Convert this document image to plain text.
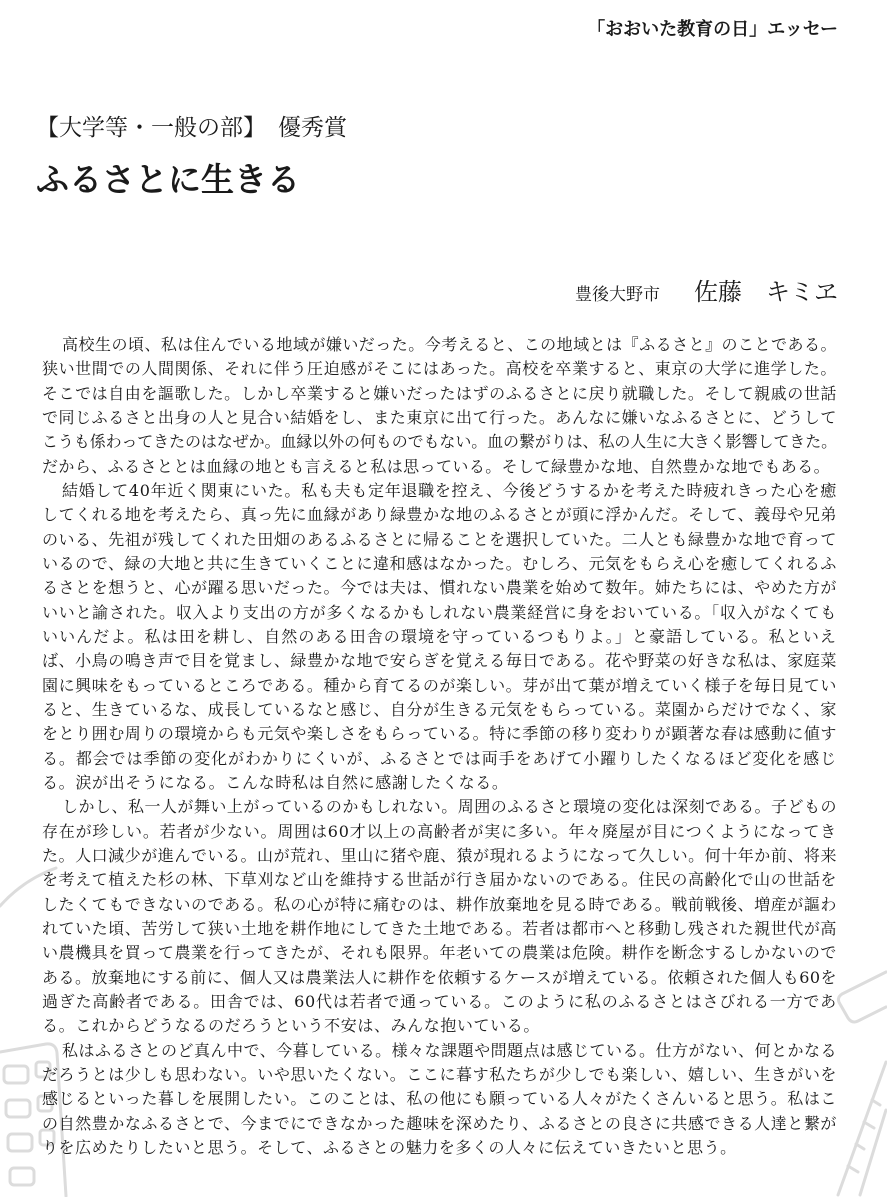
「おおいた教育の日」エッセー
【大学等・一般の部】 優秀賞
ふるさとに生きる
豊後大野市 佐藤　キミヱ
高校生の頃、私は住んでいる地域が嫌いだった。今考えると、この地域とは『ふるさと』のことである。
狭い世間での人間関係、それに伴う圧迫感がそこにはあった。高校を卒業すると、東京の大学に進学した。
そこでは自由を謳歌した。しかし卒業すると嫌いだったはずのふるさとに戻り就職した。そして親戚の世話
で同じふるさと出身の人と見合い結婚をし、また東京に出て行った。あんなに嫌いなふるさとに、どうして
こうも係わってきたのはなぜか。血縁以外の何ものでもない。血の繋がりは、私の人生に大きく影響してきた。
だから、ふるさととは血縁の地とも言えると私は思っている。そして緑豊かな地、自然豊かな地でもある。
結婚して40年近く関東にいた。私も夫も定年退職を控え、今後どうするかを考えた時疲れきった心を癒
してくれる地を考えたら、真っ先に血縁があり緑豊かな地のふるさとが頭に浮かんだ。そして、義母や兄弟
のいる、先祖が残してくれた田畑のあるふるさとに帰ることを選択していた。二人とも緑豊かな地で育って
いるので、緑の大地と共に生きていくことに違和感はなかった。むしろ、元気をもらえ心を癒してくれるふ
るさとを想うと、心が躍る思いだった。今では夫は、慣れない農業を始めて数年。姉たちには、やめた方が
いいと諭された。収入より支出の方が多くなるかもしれない農業経営に身をおいている。「収入がなくても
いいんだよ。私は田を耕し、自然のある田舎の環境を守っているつもりよ。」と豪語している。私といえ
ば、小鳥の鳴き声で目を覚まし、緑豊かな地で安らぎを覚える毎日である。花や野菜の好きな私は、家庭菜
園に興味をもっているところである。種から育てるのが楽しい。芽が出て葉が増えていく様子を毎日見てい
ると、生きているな、成長しているなと感じ、自分が生きる元気をもらっている。菜園からだけでなく、家
をとり囲む周りの環境からも元気や楽しさをもらっている。特に季節の移り変わりが顕著な春は感動に値す
る。都会では季節の変化がわかりにくいが、ふるさとでは両手をあげて小躍りしたくなるほど変化を感じ
る。涙が出そうになる。こんな時私は自然に感謝したくなる。
しかし、私一人が舞い上がっているのかもしれない。周囲のふるさと環境の変化は深刻である。子どもの
存在が珍しい。若者が少ない。周囲は60才以上の高齢者が実に多い。年々廃屋が目につくようになってき
た。人口減少が進んでいる。山が荒れ、里山に猪や鹿、猿が現れるようになって久しい。何十年か前、将来
を考えて植えた杉の林、下草刈など山を維持する世話が行き届かないのである。住民の高齢化で山の世話を
したくてもできないのである。私の心が特に痛むのは、耕作放棄地を見る時である。戦前戦後、増産が謳わ
れていた頃、苦労して狭い土地を耕作地にしてきた土地である。若者は都市へと移動し残された親世代が高
い農機具を買って農業を行ってきたが、それも限界。年老いての農業は危険。耕作を断念するしかないので
ある。放棄地にする前に、個人又は農業法人に耕作を依頼するケースが増えている。依頼された個人も60を
過ぎた高齢者である。田舎では、60代は若者で通っている。このように私のふるさとはさびれる一方であ
る。これからどうなるのだろうという不安は、みんな抱いている。
私はふるさとのど真ん中で、今暮している。様々な課題や問題点は感じている。仕方がない、何とかなる
だろうとは少しも思わない。いや思いたくない。ここに暮す私たちが少しでも楽しい、嬉しい、生きがいを
感じるといった暮しを展開したい。このことは、私の他にも願っている人々がたくさんいると思う。私はこ
の自然豊かなふるさとで、今までにできなかった趣味を深めたり、ふるさとの良さに共感できる人達と繋が
りを広めたりしたいと思う。そして、ふるさとの魅力を多くの人々に伝えていきたいと思う。
